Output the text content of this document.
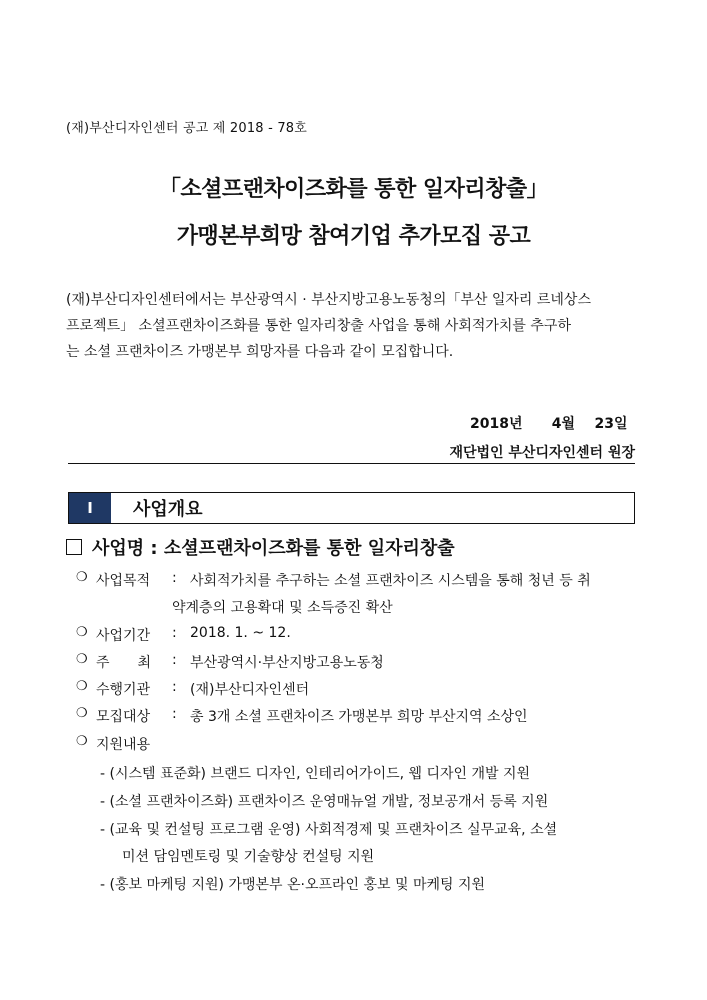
(재)부산디자인센터 공고 제 2018 - 78호
「소셜프랜차이즈화를 통한 일자리창출」
가맹본부희망 참여기업 추가모집 공고

(재)부산디자인센터에서는 부산광역시 · 부산지방고용노동청의「부산 일자리 르네상스

프로젝트」 소셜프랜차이즈화를 통한 일자리창출 사업을 통해 사회적가치를 추구하

는 소셜 프랜차이즈 가맹본부 희망자를 다음과 같이 모집합니다.

2018년 4월 23일
재단법인 부산디자인센터 원장
Ⅰ	사업개요
사업명 : 소셜프랜차이즈화를 통한 일자리창출
❍ 사업목적	: 사회적가치를 추구하는 소셜 프랜차이즈 시스템을 통해 청년 등 취
약계층의 고용확대 및 소득증진 확산
❍ 사업기간	: 2018. 1. ~ 12.
❍ 주　　최	: 부산광역시·부산지방고용노동청
❍ 수행기관	: (재)부산디자인센터
❍ 모집대상	: 총 3개 소셜 프랜차이즈 가맹본부 희망 부산지역 소상인
❍ 지원내용
- (시스템 표준화) 브랜드 디자인, 인테리어가이드, 웹 디자인 개발 지원
- (소셜 프랜차이즈화) 프랜차이즈 운영매뉴얼 개발, 정보공개서 등록 지원
- (교육 및 컨설팅 프로그램 운영) 사회적경제 및 프랜차이즈 실무교육, 소셜
미션 담임멘토링 및 기술향상 컨설팅 지원
- (홍보 마케팅 지원) 가맹본부 온·오프라인 홍보 및 마케팅 지원
